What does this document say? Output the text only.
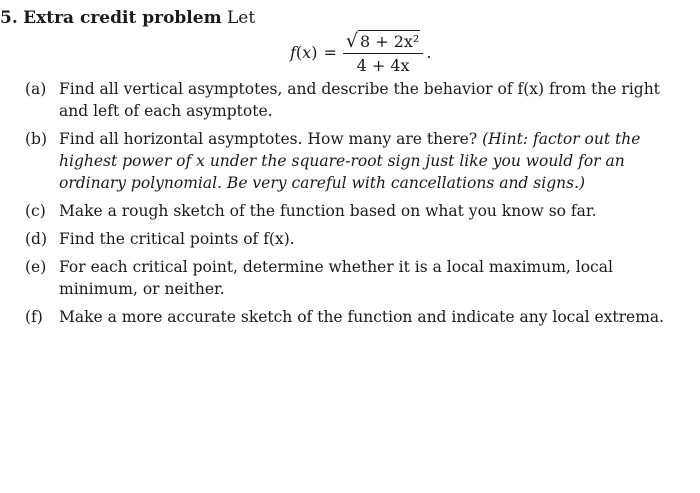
5. Extra credit problem Let
$f(x) = \frac{\text{√ 8 + 2x²}}{4 + 4x}$ .
(a) Find all vertical asymptotes, and describe the behavior of f(x) from the right and left of each asymptote.
(b) Find all horizontal asymptotes. How many are there? (Hint: factor out the highest power of x under the square-root sign just like you would for an ordinary polynomial. Be very careful with cancellations and signs.)
(c) Make a rough sketch of the function based on what you know so far.
(d) Find the critical points of f(x).
(e) For each critical point, determine whether it is a local maximum, local minimum, or neither.
(f)	Make a more accurate sketch of the function and indicate any local extrema.
